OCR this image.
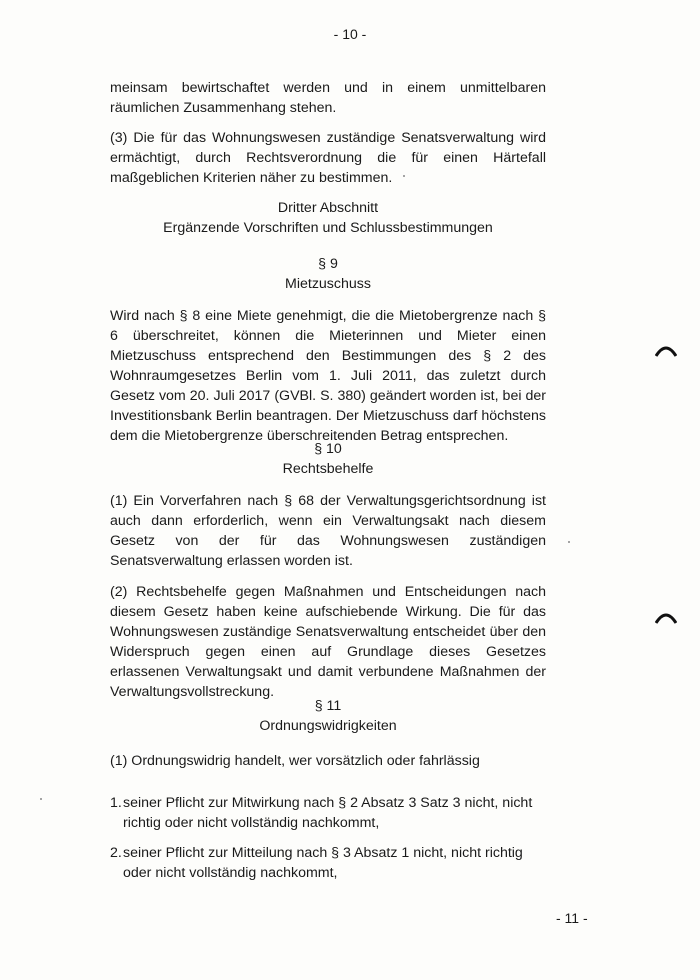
- 10 -
meinsam bewirtschaftet werden und in einem unmittelbaren räumlichen Zusammenhang stehen.
(3) Die für das Wohnungswesen zuständige Senatsverwaltung wird ermächtigt, durch Rechtsverordnung die für einen Härtefall maßgeblichen Kriterien näher zu bestimmen.
Dritter Abschnitt
Ergänzende Vorschriften und Schlussbestimmungen
§ 9
Mietzuschuss
Wird nach § 8 eine Miete genehmigt, die die Mietobergrenze nach § 6 überschreitet, können die Mieterinnen und Mieter einen Mietzuschuss entsprechend den Bestimmungen des § 2 des Wohnraumgesetzes Berlin vom 1. Juli 2011, das zuletzt durch Gesetz vom 20. Juli 2017 (GVBl. S. 380) geändert worden ist, bei der Investitionsbank Berlin beantragen. Der Mietzuschuss darf höchstens dem die Mietobergrenze überschreitenden Betrag entsprechen.
§ 10
Rechtsbehelfe
(1) Ein Vorverfahren nach § 68 der Verwaltungsgerichtsordnung ist auch dann erforderlich, wenn ein Verwaltungsakt nach diesem Gesetz von der für das Wohnungswesen zuständigen Senatsverwaltung erlassen worden ist.
(2) Rechtsbehelfe gegen Maßnahmen und Entscheidungen nach diesem Gesetz haben keine aufschiebende Wirkung. Die für das Wohnungswesen zuständige Senatsverwaltung entscheidet über den Widerspruch gegen einen auf Grundlage dieses Gesetzes erlassenen Verwaltungsakt und damit verbundene Maßnahmen der Verwaltungsvollstreckung.
§ 11
Ordnungswidrigkeiten
(1) Ordnungswidrig handelt, wer vorsätzlich oder fahrlässig
1. seiner Pflicht zur Mitwirkung nach § 2 Absatz 3 Satz 3 nicht, nicht richtig oder nicht vollständig nachkommt,
2. seiner Pflicht zur Mitteilung nach § 3 Absatz 1 nicht, nicht richtig oder nicht vollständig nachkommt,
- 11 -
